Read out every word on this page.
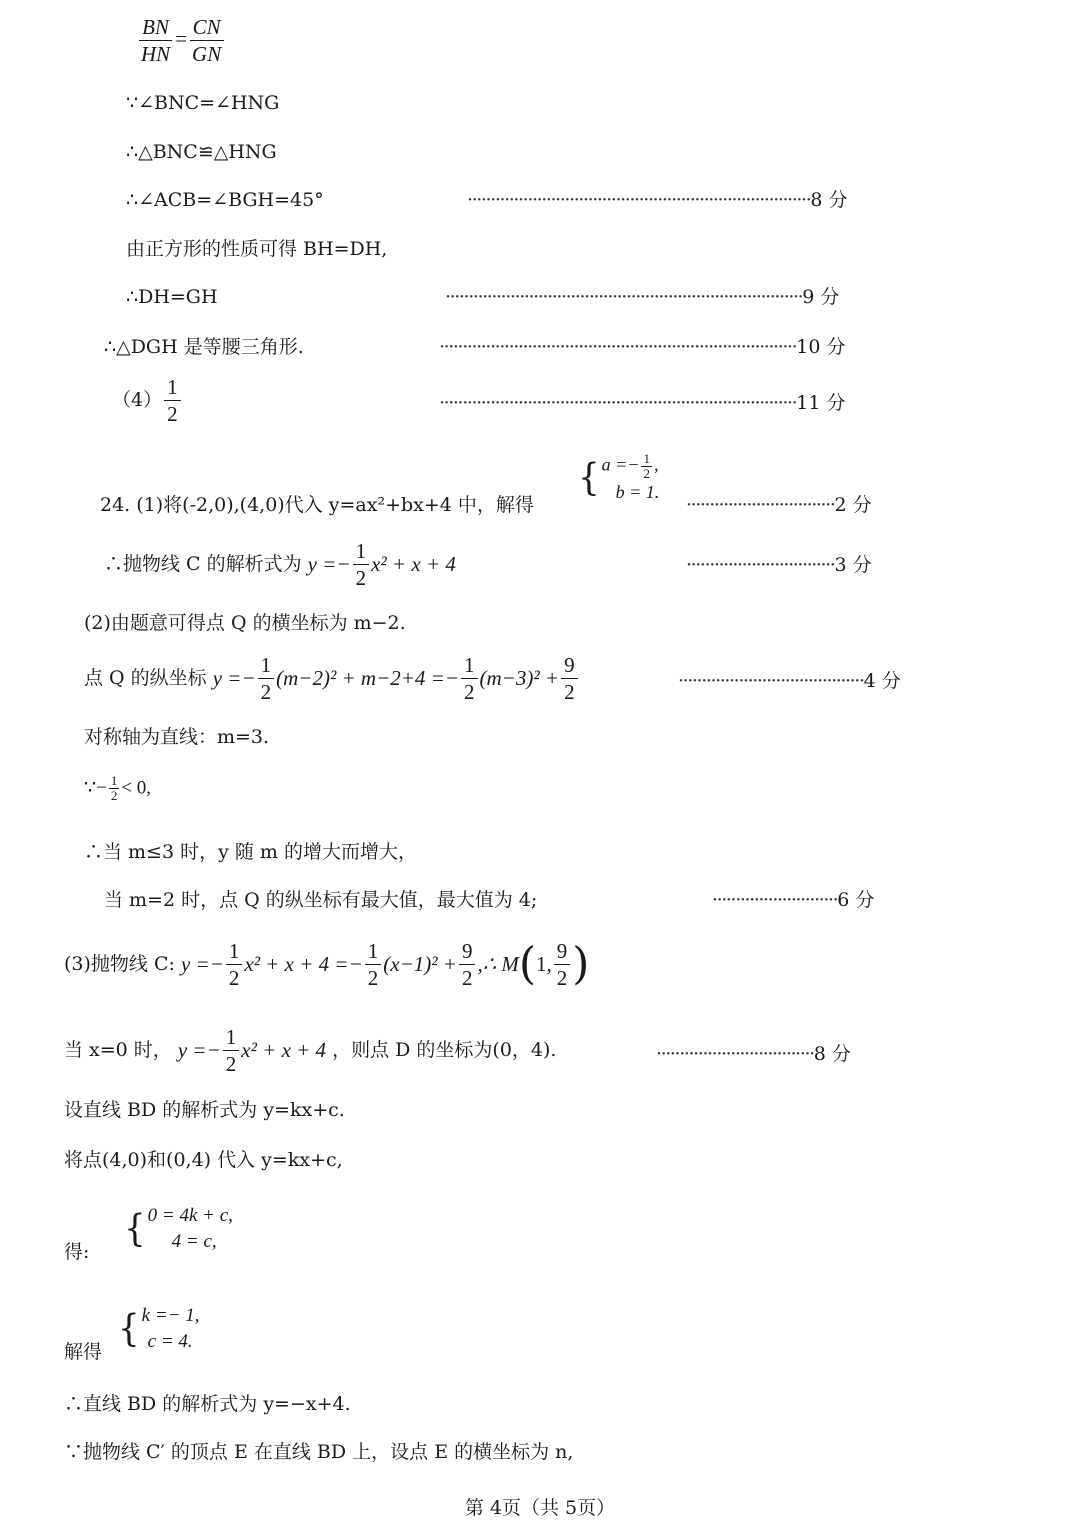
$\frac{BN}{HN} = \frac{CN}{GN}$
∵∠BNC=∠HNG
∴△BNC≌△HNG
∴∠ACB=∠BGH=45°	··········································································8 分
由正方形的性质可得 BH=DH,
∴DH=GH	·············································································9 分
∴△DGH 是等腰三角形.	·············································································10 分
$(4) \frac{1}{2}$	·············································································11 分
24. (1)将(-2,0),(4,0)代入 y=ax²+bx+4 中，解得
{ $a =- \frac{1}{2}$ ,
b = 1.
································2 分
∴抛物线 C 的解析式为 $y =- \frac{1}{2} x^2 + x + 4$	································3 分
(2)由题意可得点 Q 的横坐标为 m−2.
点 Q 的纵坐标 $y =- \frac{1}{2} (m-2)^2 + m-2+4 =- \frac{1}{2} (m-3)^2 + \frac{9}{2}$	········································4 分
对称轴为直线：m=3.
∵− $\frac{1}{2} < 0$,
∴当 m≤3 时，y 随 m 的增大而增大，
当 m=2 时，点 Q 的纵坐标有最大值，最大值为 4;	···························6 分
(3)抛物线 C: $y =- \frac{1}{2} x^2 + x + 4 =- \frac{1}{2} (x-1)^2 + \frac{9}{2}$ ,∴ M(1, $\frac{9}{2}$ )
当 x=0 时， $y =- \frac{1}{2} x^2 + x + 4$ ，则点 D 的坐标为(0，4).	··································8 分
设直线 BD 的解析式为 y=kx+c.
将点(4,0)和(0,4) 代入 y=kx+c,
得:
{ 0 = 4k + c,
4 = c,
解得
{ k =− 1,
c = 4.
∴直线 BD 的解析式为 y=−x+4.
∵抛物线 C′ 的顶点 E 在直线 BD 上，设点 E 的横坐标为 n,
第 4页（共 5页）
